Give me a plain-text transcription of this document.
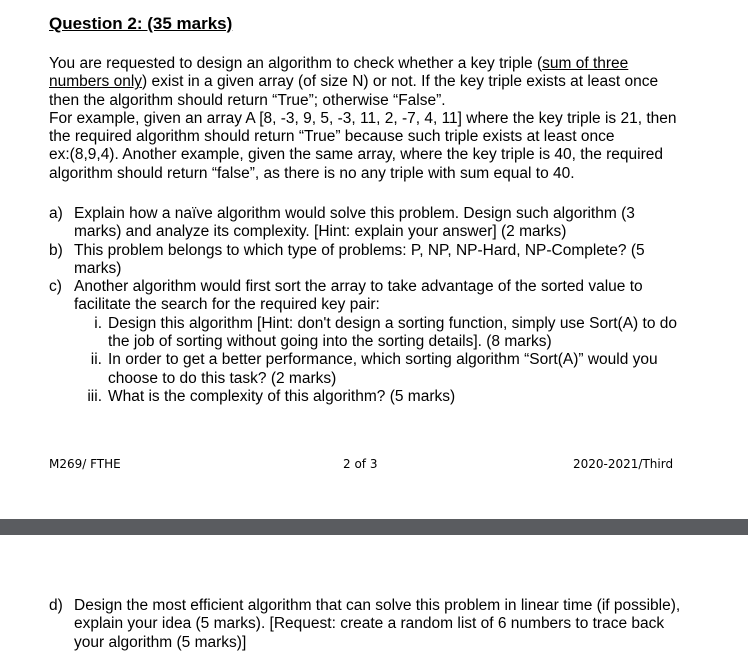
Question 2: (35 marks)
You are requested to design an algorithm to check whether a key triple (sum of three
numbers only) exist in a given array (of size N) or not. If the key triple exists at least once
then the algorithm should return “True”; otherwise “False”.
For example, given an array A [8, -3, 9, 5, -3, 11, 2, -7, 4, 11] where the key triple is 21, then
the required algorithm should return “True” because such triple exists at least once
ex:(8,9,4). Another example, given the same array, where the key triple is 40, the required
algorithm should return “false”, as there is no any triple with sum equal to 40.
a) Explain how a naïve algorithm would solve this problem. Design such algorithm (3
marks) and analyze its complexity. [Hint: explain your answer] (2 marks)
b) This problem belongs to which type of problems: P, NP, NP-Hard, NP-Complete? (5
marks)
c) Another algorithm would first sort the array to take advantage of the sorted value to
facilitate the search for the required key pair:
i. Design this algorithm [Hint: don't design a sorting function, simply use Sort(A) to do
the job of sorting without going into the sorting details]. (8 marks)
ii. In order to get a better performance, which sorting algorithm “Sort(A)” would you
choose to do this task? (2 marks)
iii. What is the complexity of this algorithm? (5 marks)
M269/ FTHE	2 of 3	2020-2021/Third
d) Design the most efficient algorithm that can solve this problem in linear time (if possible),
explain your idea (5 marks). [Request: create a random list of 6 numbers to trace back
your algorithm (5 marks)]
